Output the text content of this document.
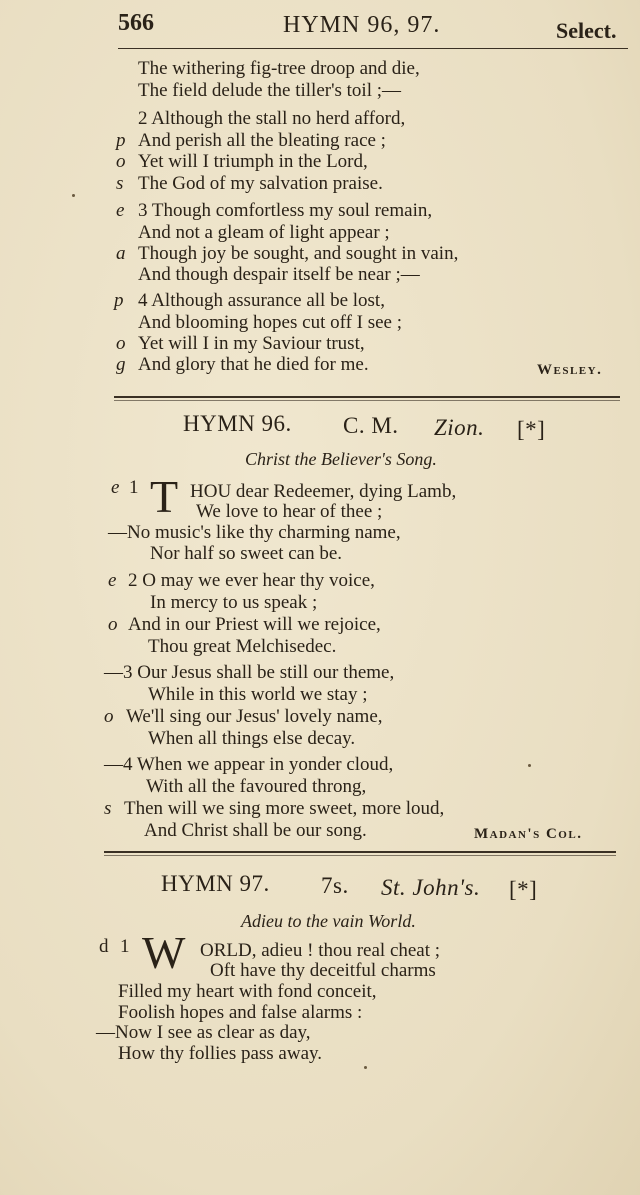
566	HYMN 96, 97.	Select.
The withering fig-tree droop and die,
The field delude the tiller's toil ;—
2 Although the stall no herd afford,
p And perish all the bleating race ;
o Yet will I triumph in the Lord,
s The God of my salvation praise.
e 3 Though comfortless my soul remain,
And not a gleam of light appear ;
a Though joy be sought, and sought in vain,
And though despair itself be near ;—
p 4 Although assurance all be lost,
And blooming hopes cut off I see ;
o Yet will I in my Saviour trust,
g And glory that he died for me.	Wesley.
HYMN 96. C. M. Zion. [*]
Christ the Believer's Song.
e 1 T HOU dear Redeemer, dying Lamb,
We love to hear of thee ;
—No music's like thy charming name,
Nor half so sweet can be.
e 2 O may we ever hear thy voice,
In mercy to us speak ;
o And in our Priest will we rejoice,
Thou great Melchisedec.
—3 Our Jesus shall be still our theme,
While in this world we stay ;
o We'll sing our Jesus' lovely name,
When all things else decay.
—4 When we appear in yonder cloud,
With all the favoured throng,
s Then will we sing more sweet, more loud,
And Christ shall be our song.	Madan's Col.
HYMN 97. 7s. St. John's. [*]
Adieu to the vain World.
d 1 W ORLD, adieu ! thou real cheat ;
Oft have thy deceitful charms
Filled my heart with fond conceit,
Foolish hopes and false alarms :
—Now I see as clear as day,
How thy follies pass away.
